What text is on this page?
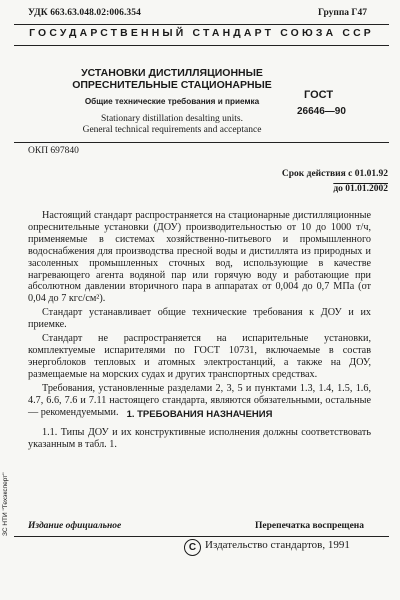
УДК 663.63.048.02:006.354	Группа Г47
ГОСУДАРСТВЕННЫЙ СТАНДАРТ СОЮЗА ССР
УСТАНОВКИ ДИСТИЛЛЯЦИОННЫЕ
ОПРЕСНИТЕЛЬНЫЕ СТАЦИОНАРНЫЕ
Общие технические требования и приемка
Stationary distillation desalting units.
General technical requirements and acceptance
ГОСТ
26646—90
ОКП 697840
Срок действия с 01.01.92
до 01.01.2002

Настоящий стандарт распространяется на стационарные дистилляционные опреснительные установки (ДОУ) производительностью от 10 до 1000 т/ч, применяемые в системах хозяйственно-питьевого и промышленного водоснабжения для производства пресной воды и дистиллята из природных и засоленных промышленных сточных вод, использующие в качестве нагревающего агента водяной пар или горячую воду и работающие при абсолютном давлении вторичного пара в аппаратах от 0,004 до 0,7 МПа (от 0,04 до 7 кгс/см²).

Стандарт устанавливает общие технические требования к ДОУ и их приемке.

Стандарт не распространяется на испарительные установки, комплектуемые испарителями по ГОСТ 10731, включаемые в состав энергоблоков тепловых и атомных электростанций, а также на ДОУ, размещаемые на морских судах и других транспортных средствах.

Требования, установленные разделами 2, 3, 5 и пунктами 1.3, 1.4, 1.5, 1.6, 4.7, 6.6, 7.6 и 7.11 настоящего стандарта, являются обязательными, остальные — рекомендуемыми. 1. ТРЕБОВАНИЯ НАЗНАЧЕНИЯ

1.1. Типы ДОУ и их конструктивные исполнения должны соответствовать указанным в табл. 1.

ЗС НТИ "Техэксперт" Издание официальное	Перепечатка воспрещена
С Издательство стандартов, 1991
